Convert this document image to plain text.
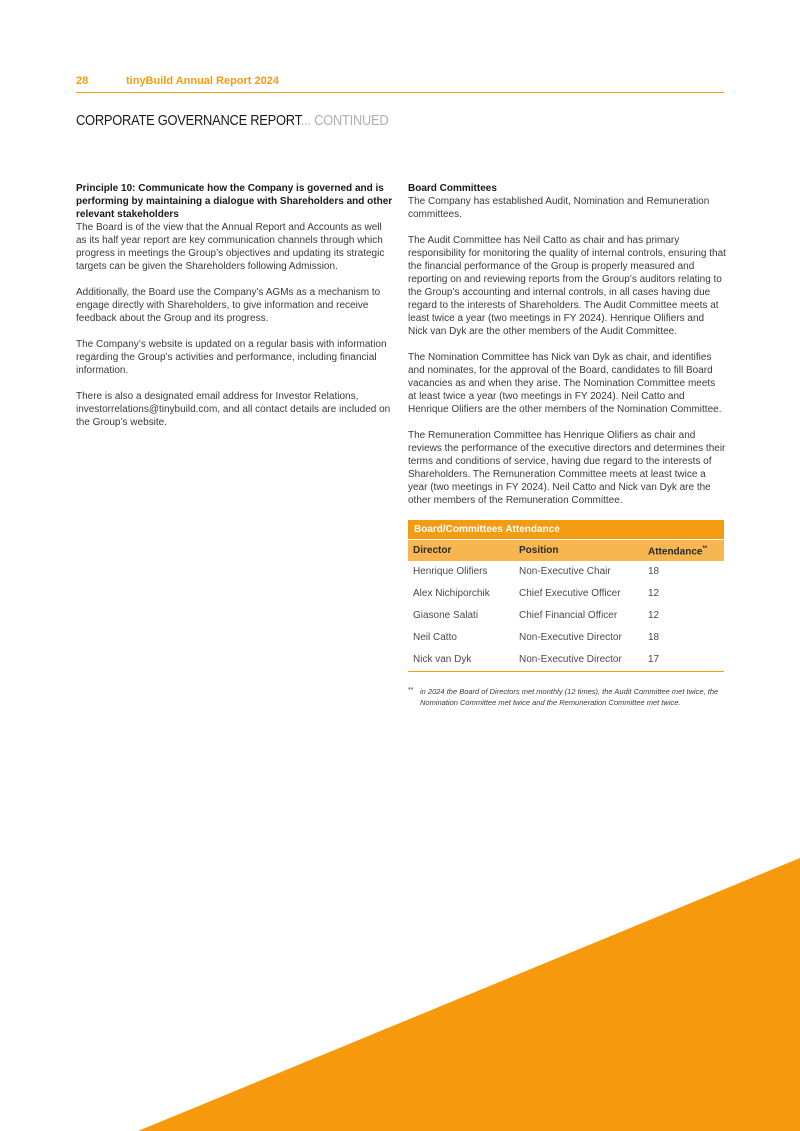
28	tinyBuild Annual Report 2024
CORPORATE GOVERNANCE REPORT... CONTINUED

Principle 10: Communicate how the Company is governed and is performing by maintaining a dialogue with Shareholders and other relevant stakeholders

The Board is of the view that the Annual Report and Accounts as well as its half year report are key communication channels through which progress in meetings the Group’s objectives and updating its strategic targets can be given the Shareholders following Admission.

Additionally, the Board use the Company’s AGMs as a mechanism to engage directly with Shareholders, to give information and receive feedback about the Group and its progress.

The Company’s website is updated on a regular basis with information regarding the Group’s activities and performance, including financial information.

There is also a designated email address for Investor Relations, investorrelations@tinybuild.com, and all contact details are included on the Group’s website.

Board Committees

The Company has established Audit, Nomination and Remuneration committees.

The Audit Committee has Neil Catto as chair and has primary responsibility for monitoring the quality of internal controls, ensuring that the financial performance of the Group is properly measured and reporting on and reviewing reports from the Group’s auditors relating to the Group’s accounting and internal controls, in all cases having due regard to the interests of Shareholders. The Audit Committee meets at least twice a year (two meetings in FY 2024). Henrique Olifiers and Nick van Dyk are the other members of the Audit Committee.

The Nomination Committee has Nick van Dyk as chair, and identifies and nominates, for the approval of the Board, candidates to fill Board vacancies as and when they arise. The Nomination Committee meets at least twice a year (two meetings in FY 2024). Neil Catto and Henrique Olifiers are the other members of the Nomination Committee.

The Remuneration Committee has Henrique Olifiers as chair and reviews the performance of the executive directors and determines their terms and conditions of service, having due regard to the interests of Shareholders. The Remuneration Committee meets at least twice a year (two meetings in FY 2024). Neil Catto and Nick van Dyk are the other members of the Remuneration Committee.

Board/Committees Attendance
Director	Position	Attendance**
Henrique Olifiers	Non-Executive Chair	18
Alex Nichiporchik	Chief Executive Officer	12
Giasone Salati	Chief Financial Officer	12
Neil Catto	Non-Executive Director	18
Nick van Dyk	Non-Executive Director	17
** in 2024 the Board of Directors met monthly (12 times), the Audit Committee met twice, the Nomination Committee met twice and the Remuneration Committee met twice.
